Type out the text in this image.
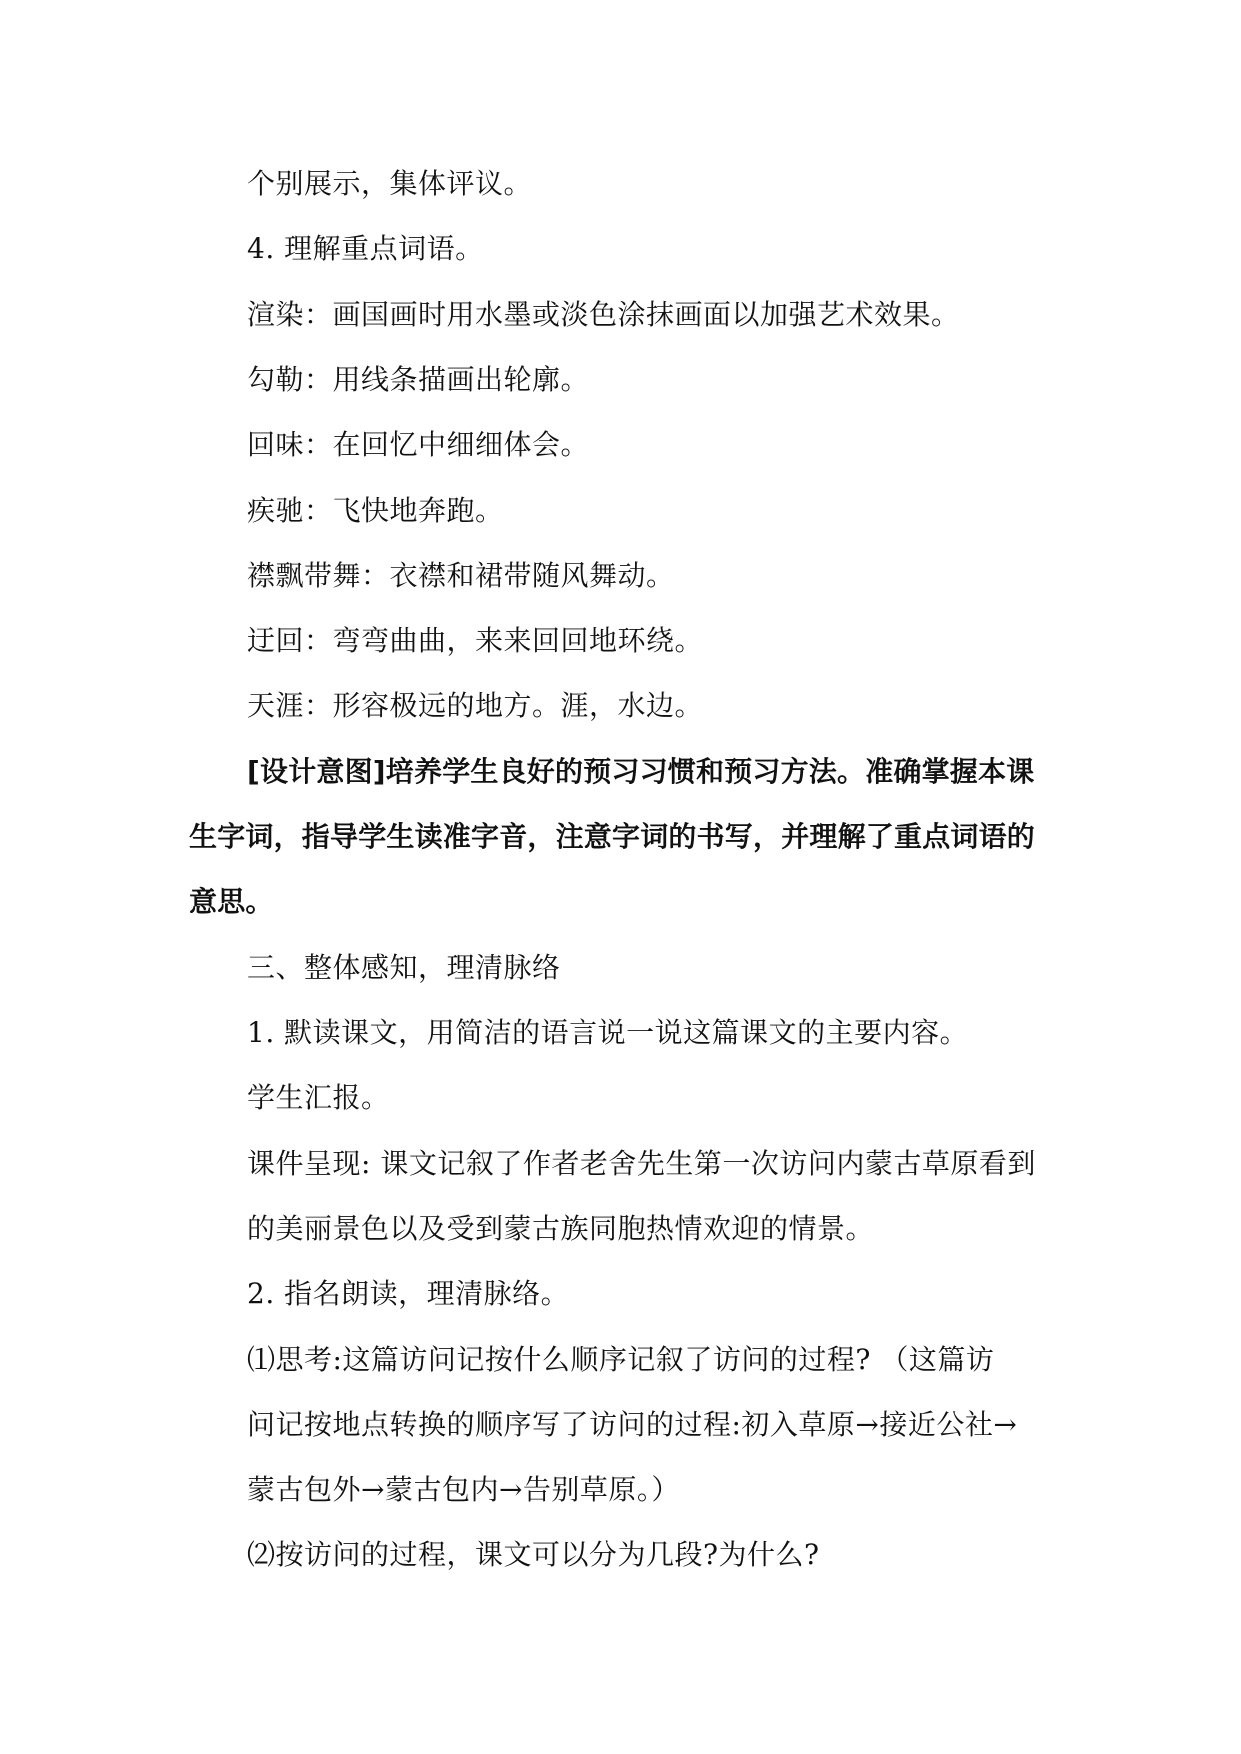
个别展示，集体评议。
4. 理解重点词语。
渲染：画国画时用水墨或淡色涂抹画面以加强艺术效果。
勾勒：用线条描画出轮廓。
回味：在回忆中细细体会。
疾驰：飞快地奔跑。
襟飘带舞：衣襟和裙带随风舞动。
迂回：弯弯曲曲，来来回回地环绕。
天涯：形容极远的地方。涯，水边。
[设计意图]培养学生良好的预习习惯和预习方法。准确掌握本课
生字词，指导学生读准字音，注意字词的书写，并理解了重点词语的
意思。
三、整体感知，理清脉络
1. 默读课文，用简洁的语言说一说这篇课文的主要内容。
学生汇报。
课件呈现: 课文记叙了作者老舍先生第一次访问内蒙古草原看到
的美丽景色以及受到蒙古族同胞热情欢迎的情景。
2. 指名朗读，理清脉络。
⑴思考:这篇访问记按什么顺序记叙了访问的过程? （这篇访
问记按地点转换的顺序写了访问的过程:初入草原→接近公社→
蒙古包外→蒙古包内→告别草原。）
⑵按访问的过程，课文可以分为几段?为什么?
